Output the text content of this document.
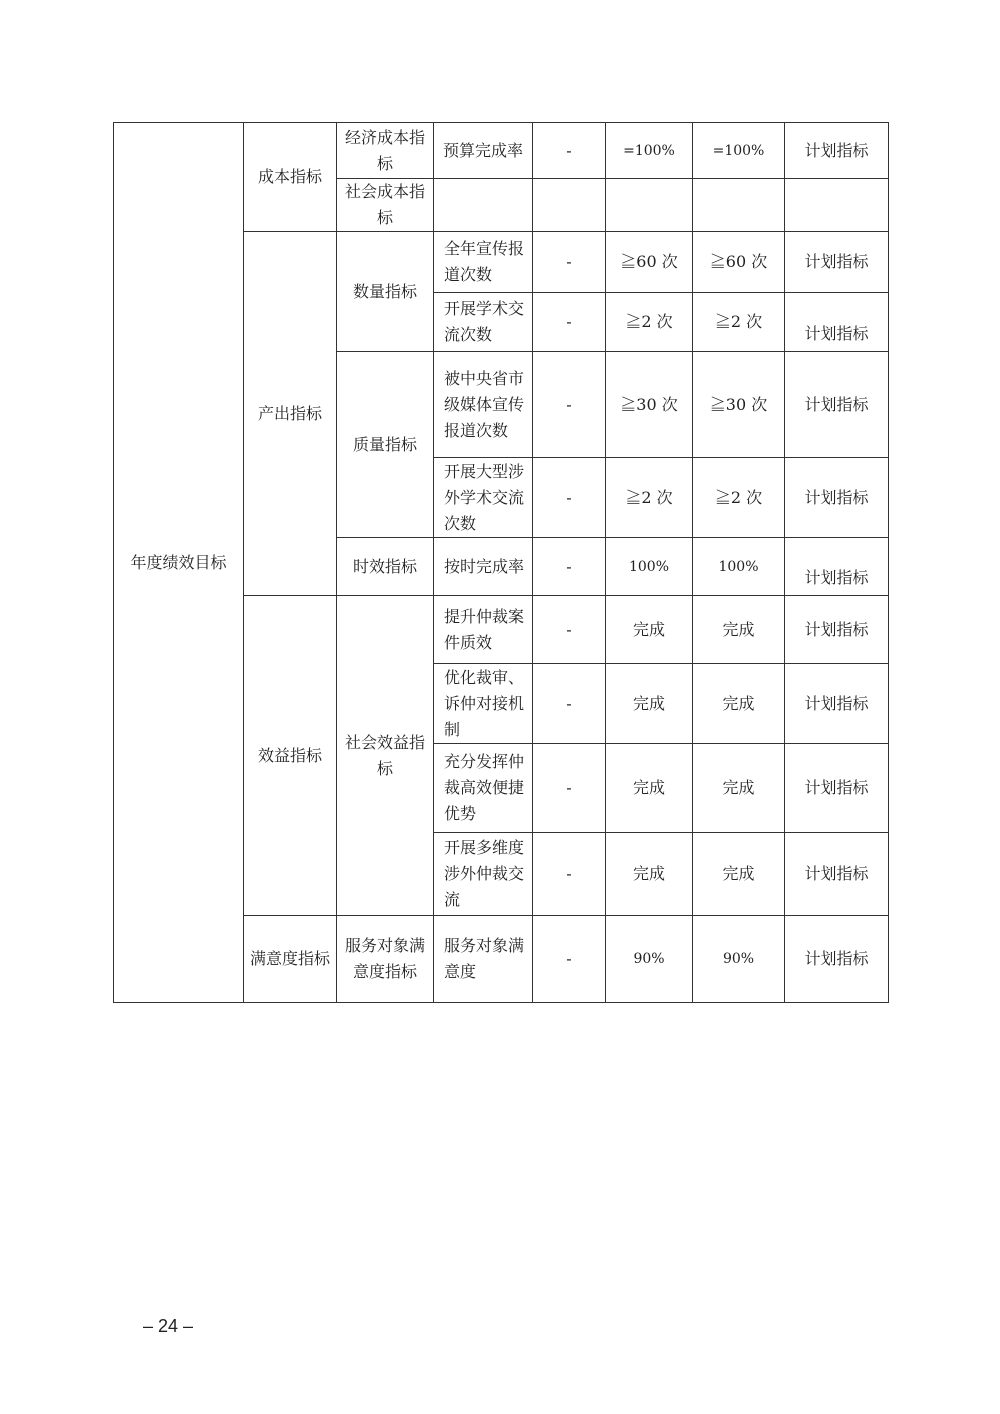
年度绩效目标	成本指标	经济成本指标	预算完成率	-	=100%	=100%	计划指标
		社会成本指标					
	产出指标	数量指标	全年宣传报道次数	-	≧60 次	≧60 次	计划指标
			开展学术交流次数	-	≧2 次	≧2 次	计划指标
		质量指标	被中央省市级媒体宣传报道次数	-	≧30 次	≧30 次	计划指标
			开展大型涉外学术交流次数	-	≧2 次	≧2 次	计划指标
		时效指标	按时完成率	-	100%	100%	计划指标
	效益指标	社会效益指标	提升仲裁案件质效	-	完成	完成	计划指标
			优化裁审、诉仲对接机制	-	完成	完成	计划指标
			充分发挥仲裁高效便捷优势	-	完成	完成	计划指标
			开展多维度涉外仲裁交流	-	完成	完成	计划指标
	满意度指标	服务对象满意度指标	服务对象满意度	-	90%	90%	计划指标
– 24 –
